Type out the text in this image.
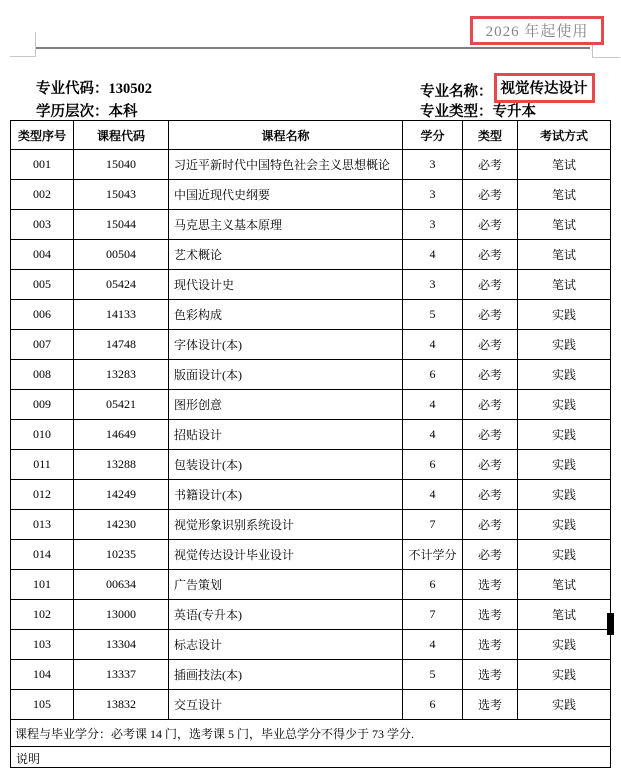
2026 年起使用
专业代码：130502	专业名称： 视觉传达设计
学历层次：本科	专业类型：专升本
类型序号	课程代码	课程名称	学分	类型	考试方式
001	15040	习近平新时代中国特色社会主义思想概论	3	必考	笔试
002	15043	中国近现代史纲要	3	必考	笔试
003	15044	马克思主义基本原理	3	必考	笔试
004	00504	艺术概论	4	必考	笔试
005	05424	现代设计史	3	必考	笔试
006	14133	色彩构成	5	必考	实践
007	14748	字体设计(本)	4	必考	实践
008	13283	版面设计(本)	6	必考	实践
009	05421	图形创意	4	必考	实践
010	14649	招贴设计	4	必考	实践
011	13288	包装设计(本)	6	必考	实践
012	14249	书籍设计(本)	4	必考	实践
013	14230	视觉形象识别系统设计	7	必考	实践
014	10235	视觉传达设计毕业设计	不计学分	必考	实践
101	00634	广告策划	6	选考	笔试
102	13000	英语(专升本)	7	选考	笔试
103	13304	标志设计	4	选考	实践
104	13337	插画技法(本)	5	选考	实践
105	13832	交互设计	6	选考	实践
课程与毕业学分：必考课 14 门，选考课 5 门，毕业总学分不得少于 73 学分.					
说明					
